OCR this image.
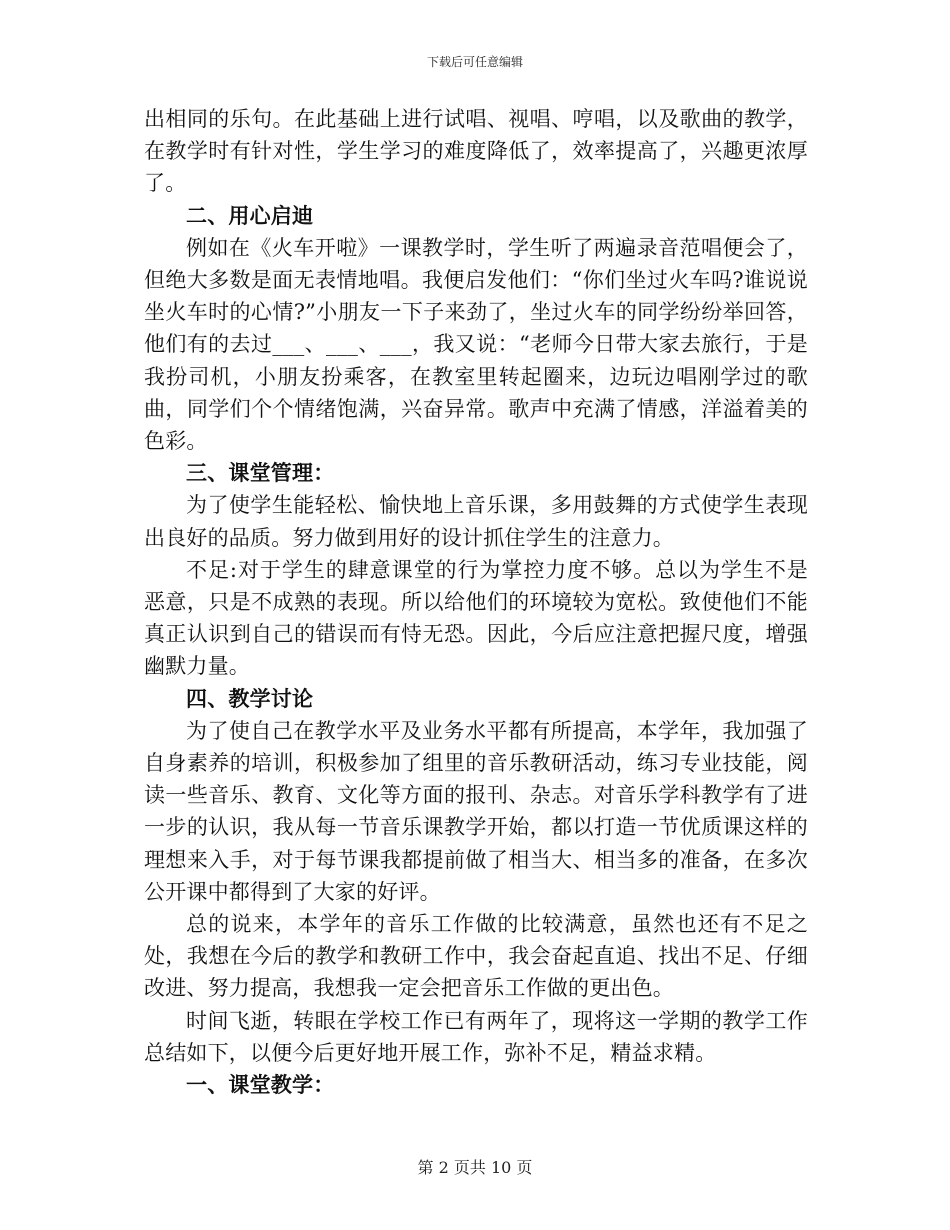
下载后可任意编辑

出相同的乐句。在此基础上进行试唱、视唱、哼唱，以及歌曲的教学，在教学时有针对性，学生学习的难度降低了，效率提高了，兴趣更浓厚了。

二、用心启迪

例如在《火车开啦》一课教学时，学生听了两遍录音范唱便会了，但绝大多数是面无表情地唱。我便启发他们：“你们坐过火车吗?谁说说坐火车时的心情?”小朋友一下子来劲了，坐过火车的同学纷纷举回答，他们有的去过___、___、___，我又说：“老师今日带大家去旅行，于是我扮司机，小朋友扮乘客，在教室里转起圈来，边玩边唱刚学过的歌曲，同学们个个情绪饱满，兴奋异常。歌声中充满了情感，洋溢着美的色彩。

三、课堂管理：

为了使学生能轻松、愉快地上音乐课，多用鼓舞的方式使学生表现出良好的品质。努力做到用好的设计抓住学生的注意力。

不足:对于学生的肆意课堂的行为掌控力度不够。总以为学生不是恶意，只是不成熟的表现。所以给他们的环境较为宽松。致使他们不能真正认识到自己的错误而有恃无恐。因此，今后应注意把握尺度，增强幽默力量。

四、教学讨论

为了使自己在教学水平及业务水平都有所提高，本学年，我加强了自身素养的培训，积极参加了组里的音乐教研活动，练习专业技能，阅读一些音乐、教育、文化等方面的报刊、杂志。对音乐学科教学有了进一步的认识，我从每一节音乐课教学开始，都以打造一节优质课这样的理想来入手，对于每节课我都提前做了相当大、相当多的准备，在多次公开课中都得到了大家的好评。

总的说来，本学年的音乐工作做的比较满意，虽然也还有不足之处，我想在今后的教学和教研工作中，我会奋起直追、找出不足、仔细改进、努力提高，我想我一定会把音乐工作做的更出色。

时间飞逝，转眼在学校工作已有两年了，现将这一学期的教学工作总结如下，以便今后更好地开展工作，弥补不足，精益求精。

一、课堂教学：

第 2 页共 10 页
